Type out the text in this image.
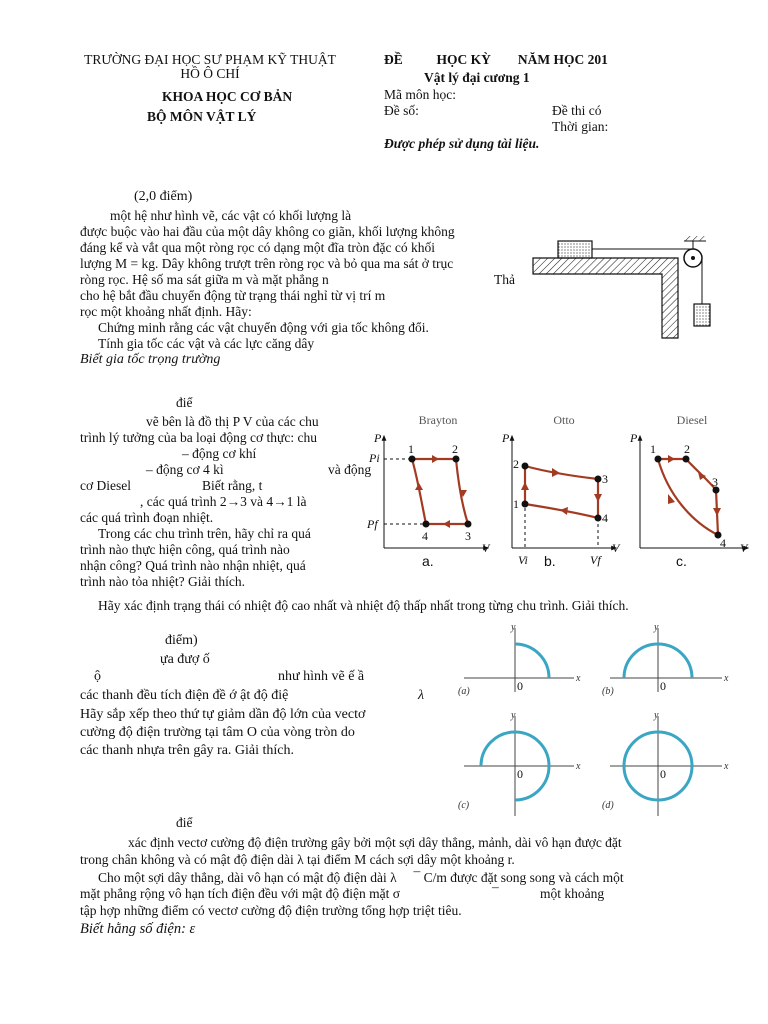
TRƯỜNG ĐẠI HỌC SƯ PHẠM KỸ THUẬT
HỒ Ô CHÍ
KHOA HỌC CƠ BẢN
BỘ MÔN VẬT LÝ
ĐỀ          HỌC KỲ        NĂM HỌC 201
Vật lý đại cương 1
Mã môn học:
Đề số:	Đề thi có
Thời gian:
Được phép sử dụng tài liệu.
(2,0 điểm)
một hệ như hình vẽ, các vật có khối lượng là
được buộc vào hai đầu của một dây không co giãn, khối lượng không
đáng kể và vắt qua một ròng rọc có dạng một đĩa tròn đặc có khối
lượng M = kg. Dây không trượt trên ròng rọc và bỏ qua ma sát ở trục
ròng rọc. Hệ số ma sát giữa m và mặt phẳng n	Thả
cho hệ bắt đầu chuyển động từ trạng thái nghỉ từ vị trí m
rọc một khoảng nhất định. Hãy:
Chứng minh rằng các vật chuyển động với gia tốc không đổi.
Tính gia tốc các vật và các lực căng dây
Biết gia tốc trọng trường
điể
vẽ bên là đồ thị P V của các chu
trình lý tưởng của ba loại động cơ thực: chu
– động cơ khí
– động cơ 4 kì	và động
cơ Diesel	Biết rằng, t
, các quá trình 2→3 và 4→1 là
các quá trình đoạn nhiệt.
Trong các chu trình trên, hãy chỉ ra quá
trình nào thực hiện công, quá trình nào
nhận công? Quá trình nào nhận nhiệt, quá
trình nào tỏa nhiệt? Giải thích.
Hãy xác định trạng thái có nhiệt độ cao nhất và nhiệt độ thấp nhất trong từng chu trình. Giải thích.
Brayton	Otto	Diesel
P
V
Pi
Pf
1	2
3
4
P
V
Vi	Vf
1
2
3
4
P
V
1 2
3
4
a.	b.	c.
điểm)
ựa đượ ố
ộ	như hình vẽ ế ầ
các thanh đều tích điện đề ớ ật độ điệ	λ
Hãy sắp xếp theo thứ tự giảm dần độ lớn của vectơ
cường độ điện trường tại tâm O của vòng tròn do
các thanh nhựa trên gây ra. Giải thích.
x
y
0
(a)
x
y
0
(b)
x
y
0
(c)
x
y
0
(d)
điể
xác định vectơ cường độ điện trường gây bởi một sợi dây thẳng, mảnh, dài vô hạn được đặt
trong chân không và có mật độ điện dài λ tại điểm M cách sợi dây một khoảng r.
Cho một sợi dây thẳng, dài vô hạn có mật độ điện dài λ     ¯ C/m được đặt song song và cách một
mặt phẳng rộng vô hạn tích điện đều với mật độ điện mặt σ	¯	một khoảng
tập hợp những điểm có vectơ cường độ điện trường tổng hợp triệt tiêu.
Biết hằng số điện: ε
